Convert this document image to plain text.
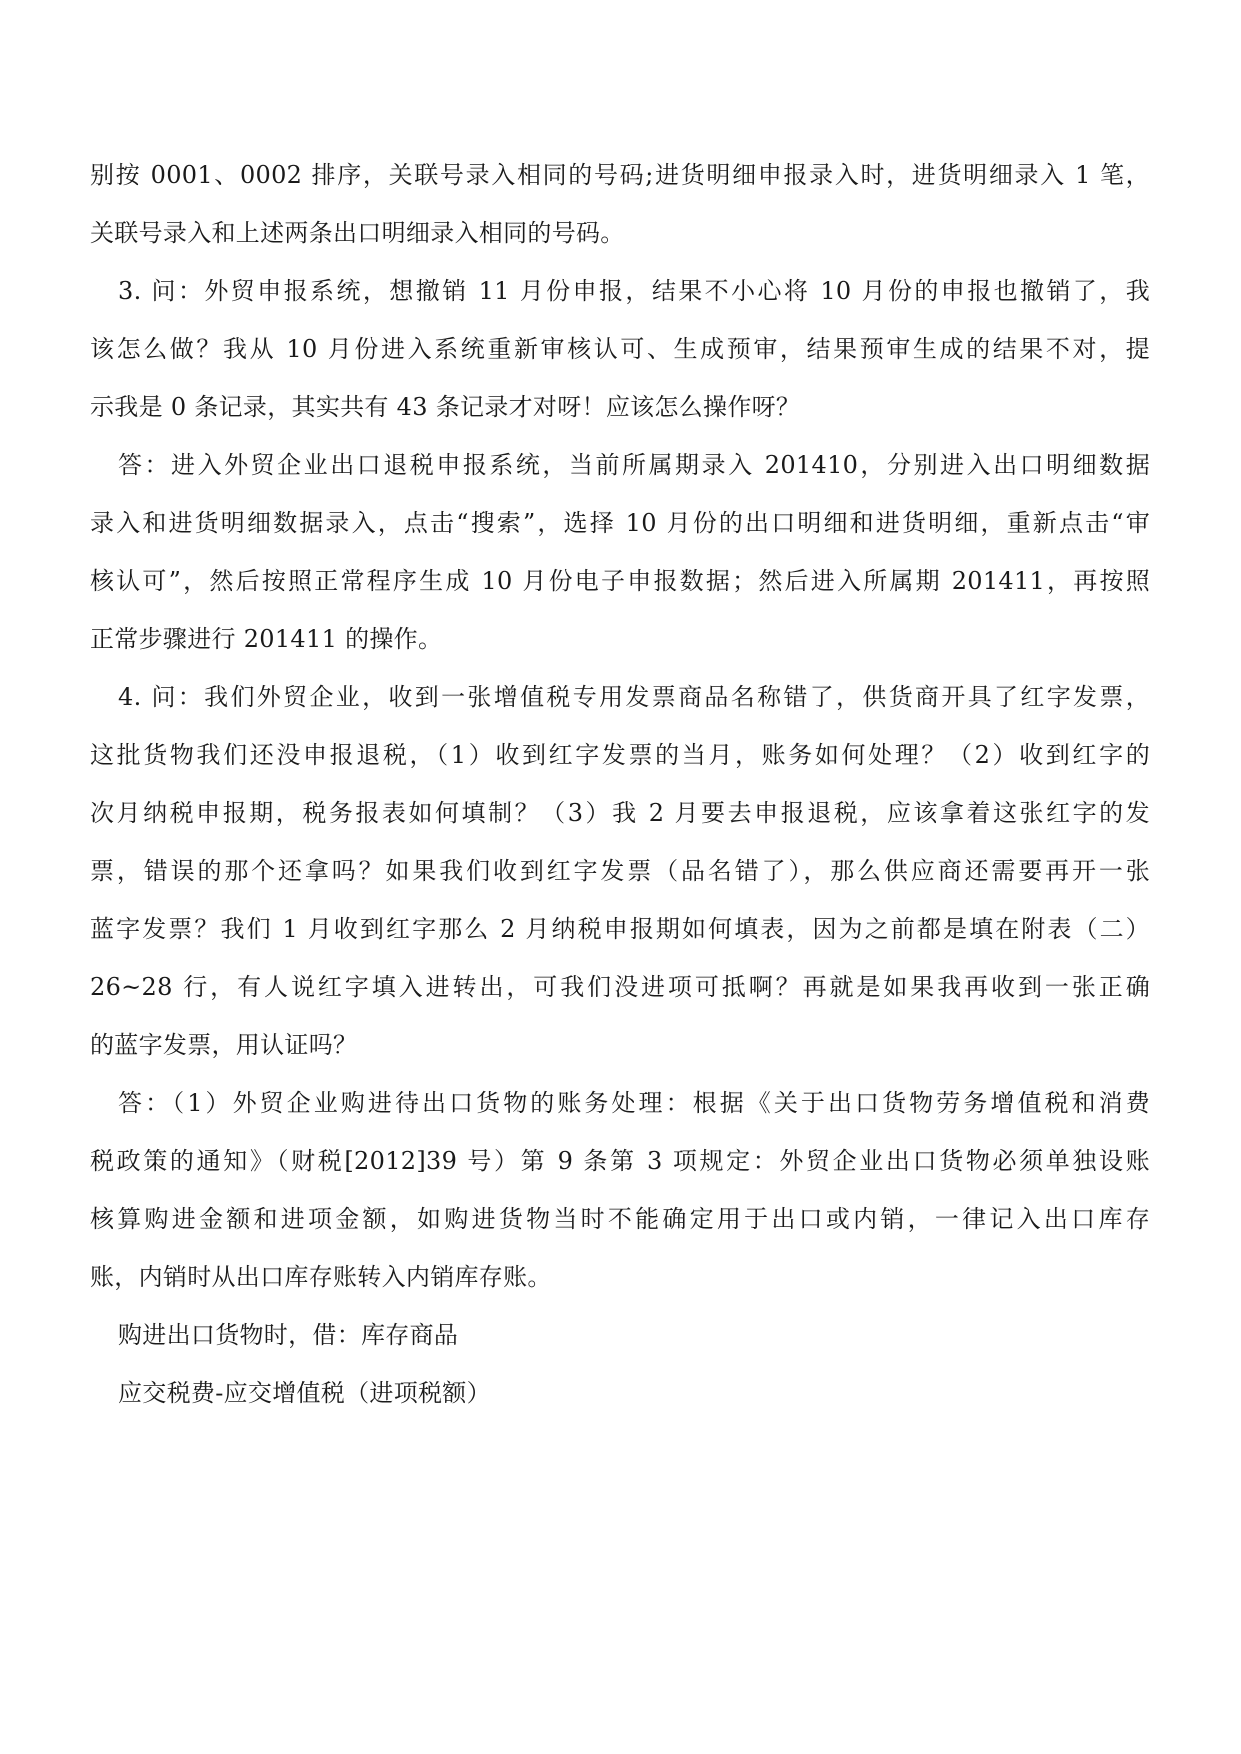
别按 0001、0002 排序，关联号录入相同的号码;进货明细申报录入时，进货明细录入 1 笔，
关联号录入和上述两条出口明细录入相同的号码。
3. 问：外贸申报系统，想撤销 11 月份申报，结果不小心将 10 月份的申报也撤销了，我
该怎么做？我从 10 月份进入系统重新审核认可、生成预审，结果预审生成的结果不对，提
示我是 0 条记录，其实共有 43 条记录才对呀！应该怎么操作呀？
答：进入外贸企业出口退税申报系统，当前所属期录入 201410，分别进入出口明细数据
录入和进货明细数据录入，点击“搜索”，选择 10 月份的出口明细和进货明细，重新点击“审
核认可”，然后按照正常程序生成 10 月份电子申报数据；然后进入所属期 201411，再按照
正常步骤进行 201411 的操作。
4. 问：我们外贸企业，收到一张增值税专用发票商品名称错了，供货商开具了红字发票，
这批货物我们还没申报退税，（1）收到红字发票的当月，账务如何处理？（2）收到红字的
次月纳税申报期，税务报表如何填制？（3）我 2 月要去申报退税，应该拿着这张红字的发
票，错误的那个还拿吗？如果我们收到红字发票（品名错了），那么供应商还需要再开一张
蓝字发票？我们 1 月收到红字那么 2 月纳税申报期如何填表，因为之前都是填在附表（二）
26~28 行，有人说红字填入进转出，可我们没进项可抵啊？再就是如果我再收到一张正确
的蓝字发票，用认证吗？
答：（1）外贸企业购进待出口货物的账务处理：根据《关于出口货物劳务增值税和消费
税政策的通知》（财税[2012]39 号）第 9 条第 3 项规定：外贸企业出口货物必须单独设账
核算购进金额和进项金额，如购进货物当时不能确定用于出口或内销，一律记入出口库存
账，内销时从出口库存账转入内销库存账。
购进出口货物时，借：库存商品
应交税费-应交增值税（进项税额）
